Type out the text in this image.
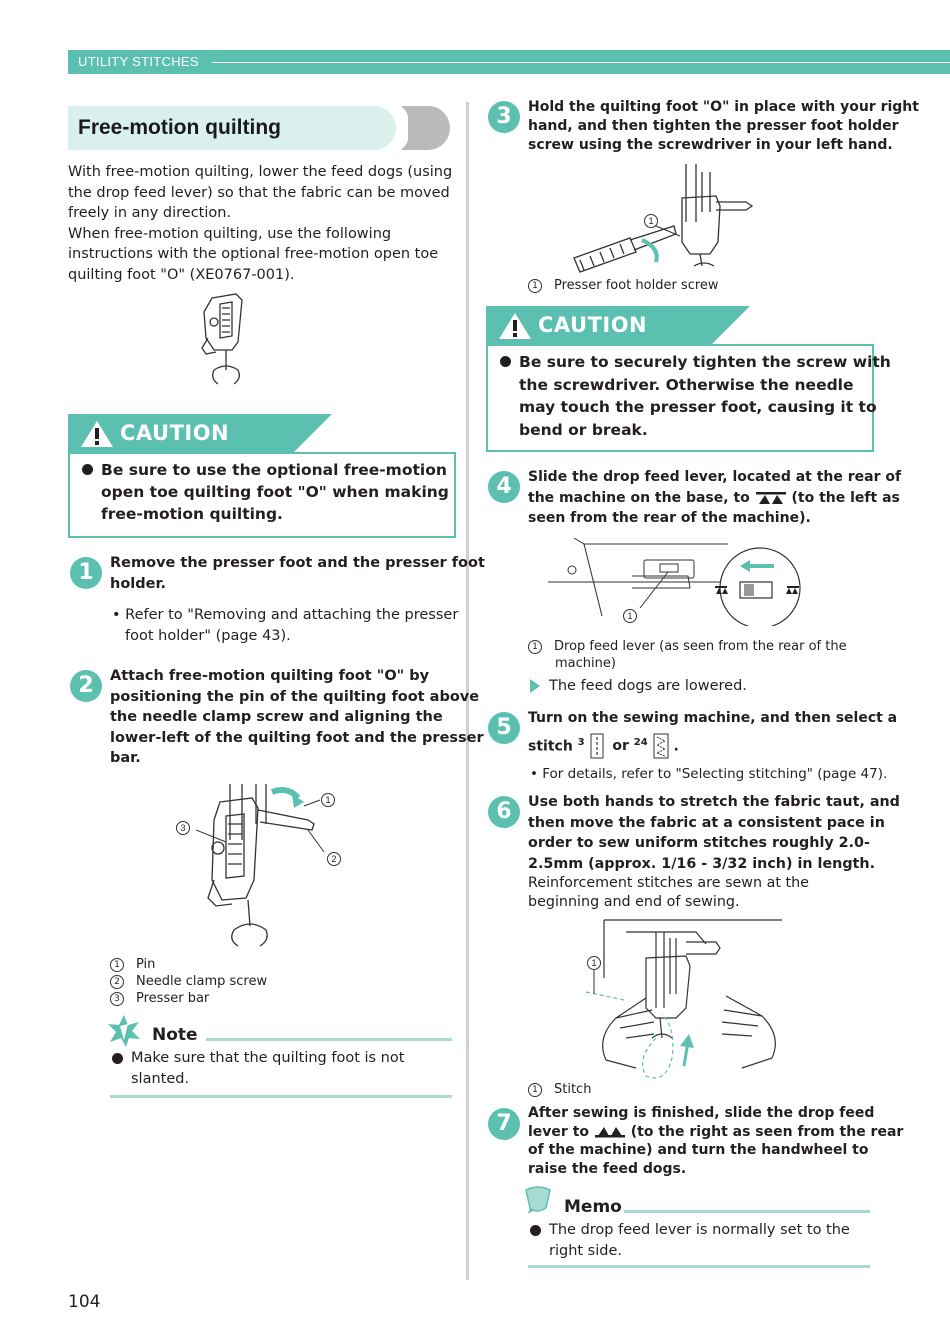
UTILITY STITCHES
Free-motion quilting
With free-motion quilting, lower the feed dogs (using
the drop feed lever) so that the fabric can be moved
freely in any direction.
When free-motion quilting, use the following
instructions with the optional free-motion open toe
quilting foot "O" (XE0767-001).
CAUTION
Be sure to use the optional free-motion
open toe quilting foot "O" when making
free-motion quilting.
1	Remove the presser foot and the presser foot
holder.
• Refer to "Removing and attaching the presser
foot holder" (page 43).
2	Attach free-motion quilting foot "O" by
positioning the pin of the quilting foot above
the needle clamp screw and aligning the
lower-left of the quilting foot and the presser
bar.
1
2
3
1 Pin
2 Needle clamp screw
3 Presser bar
Note
Make sure that the quilting foot is not
slanted.
3	Hold the quilting foot "O" in place with your right
hand, and then tighten the presser foot holder
screw using the screwdriver in your left hand.
1
1 Presser foot holder screw
CAUTION
Be sure to securely tighten the screw with
the screwdriver. Otherwise the needle
may touch the presser foot, causing it to
bend or break.
4	Slide the drop feed lever, located at the rear of
the machine on the base, to	(to the left as
seen from the rear of the machine).
1
1 Drop feed lever (as seen from the rear of the
machine)
The feed dogs are lowered.
5	Turn on the sewing machine, and then select a
stitch $^3$ or $^{24}$ .
• For details, refer to "Selecting stitching" (page 47).
6	Use both hands to stretch the fabric taut, and
then move the fabric at a consistent pace in
order to sew uniform stitches roughly 2.0-
2.5mm (approx. 1/16 - 3/32 inch) in length.
Reinforcement stitches are sewn at the
beginning and end of sewing.
1
1 Stitch
7	After sewing is finished, slide the drop feed
lever to	(to the right as seen from the rear
of the machine) and turn the handwheel to
raise the feed dogs.
Memo
The drop feed lever is normally set to the
right side.
104
